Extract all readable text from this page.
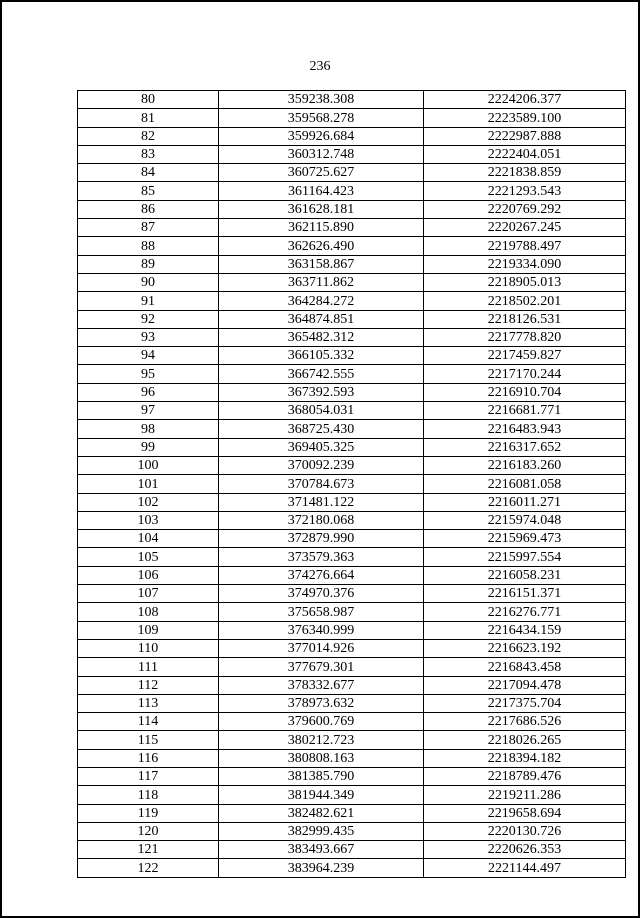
236
80	359238.308	2224206.377
81	359568.278	2223589.100
82	359926.684	2222987.888
83	360312.748	2222404.051
84	360725.627	2221838.859
85	361164.423	2221293.543
86	361628.181	2220769.292
87	362115.890	2220267.245
88	362626.490	2219788.497
89	363158.867	2219334.090
90	363711.862	2218905.013
91	364284.272	2218502.201
92	364874.851	2218126.531
93	365482.312	2217778.820
94	366105.332	2217459.827
95	366742.555	2217170.244
96	367392.593	2216910.704
97	368054.031	2216681.771
98	368725.430	2216483.943
99	369405.325	2216317.652
100	370092.239	2216183.260
101	370784.673	2216081.058
102	371481.122	2216011.271
103	372180.068	2215974.048
104	372879.990	2215969.473
105	373579.363	2215997.554
106	374276.664	2216058.231
107	374970.376	2216151.371
108	375658.987	2216276.771
109	376340.999	2216434.159
110	377014.926	2216623.192
111	377679.301	2216843.458
112	378332.677	2217094.478
113	378973.632	2217375.704
114	379600.769	2217686.526
115	380212.723	2218026.265
116	380808.163	2218394.182
117	381385.790	2218789.476
118	381944.349	2219211.286
119	382482.621	2219658.694
120	382999.435	2220130.726
121	383493.667	2220626.353
122	383964.239	2221144.497
